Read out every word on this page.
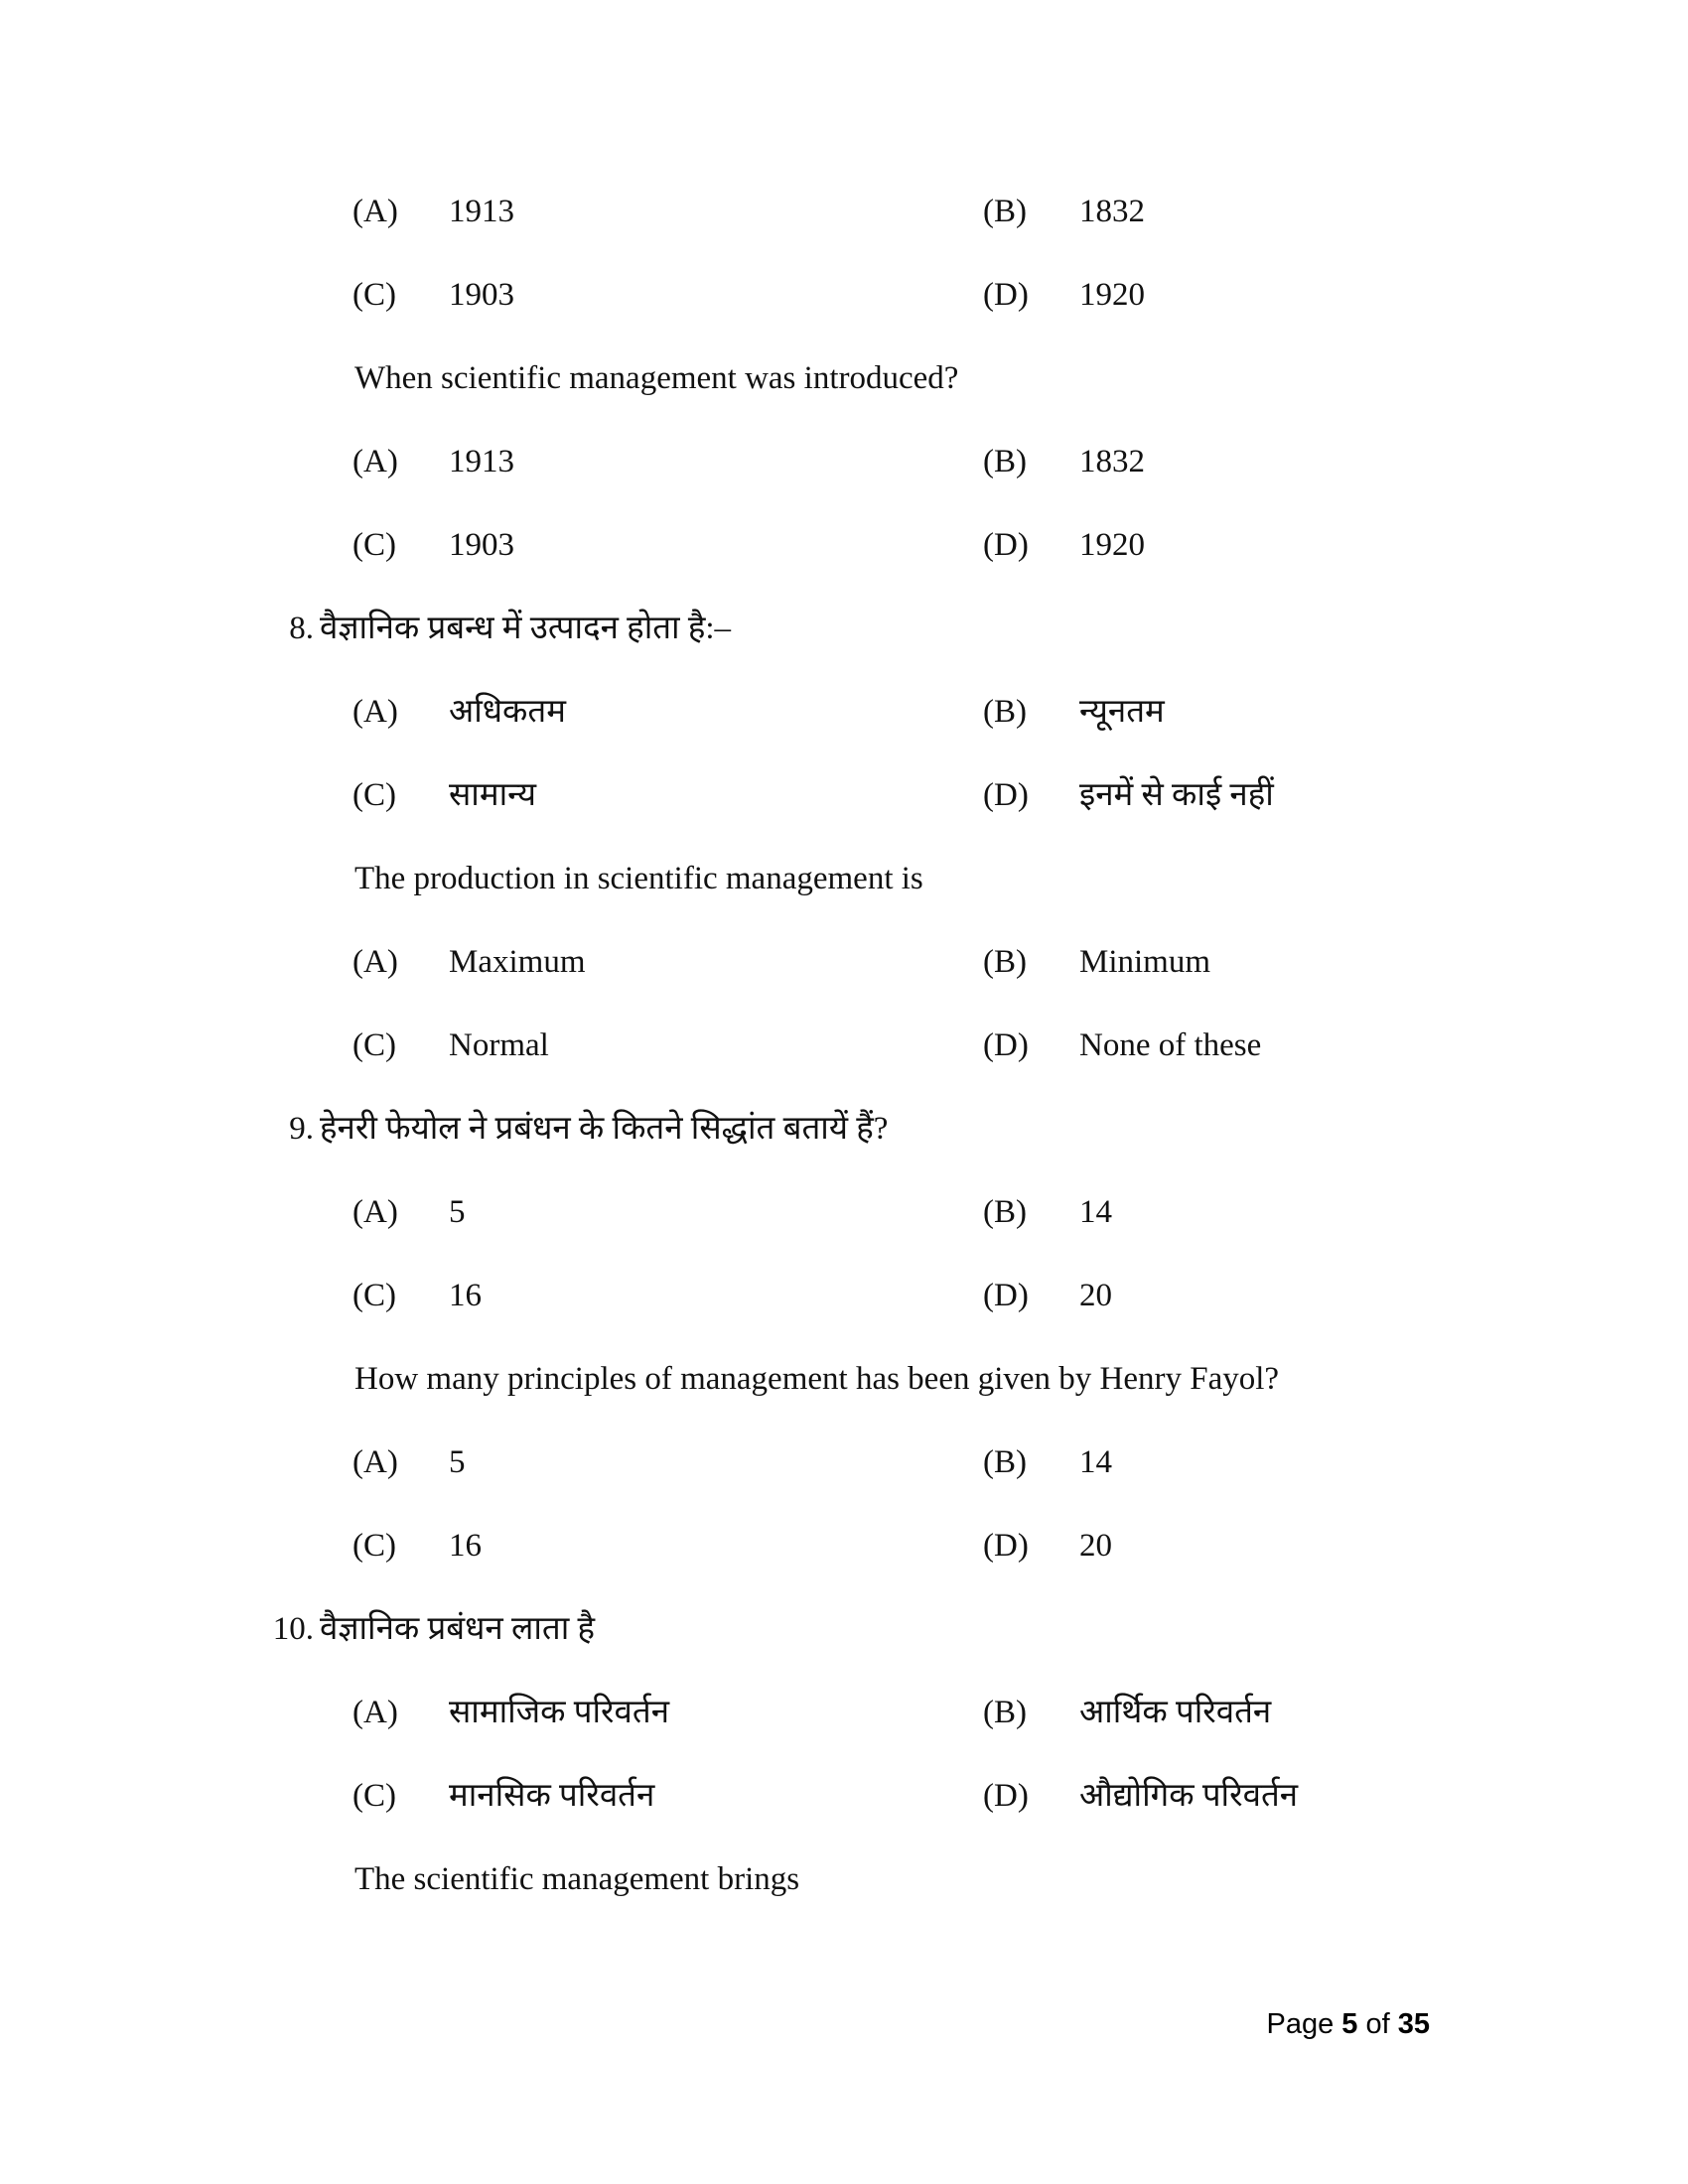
(A) 1913	(B) 1832
(C) 1903	(D) 1920
When scientific management was introduced?
(A) 1913	(B) 1832
(C) 1903	(D) 1920
8. वैज्ञानिक प्रबन्ध में उत्पादन होता है:–
(A) अधिकतम	(B) न्यूनतम
(C) सामान्य	(D) इनमें से काई नहीं
The production in scientific management is
(A) Maximum	(B) Minimum
(C) Normal	(D) None of these
9. हेनरी फेयोल ने प्रबंधन के कितने सिद्धांत बतायें हैं?
(A) 5	(B) 14
(C) 16	(D) 20
How many principles of management has been given by Henry Fayol?
(A) 5	(B) 14
(C) 16	(D) 20
10. वैज्ञानिक प्रबंधन लाता है
(A) सामाजिक परिवर्तन	(B) आर्थिक परिवर्तन
(C) मानसिक परिवर्तन	(D) औद्योगिक परिवर्तन
The scientific management brings
Page 5 of 35
